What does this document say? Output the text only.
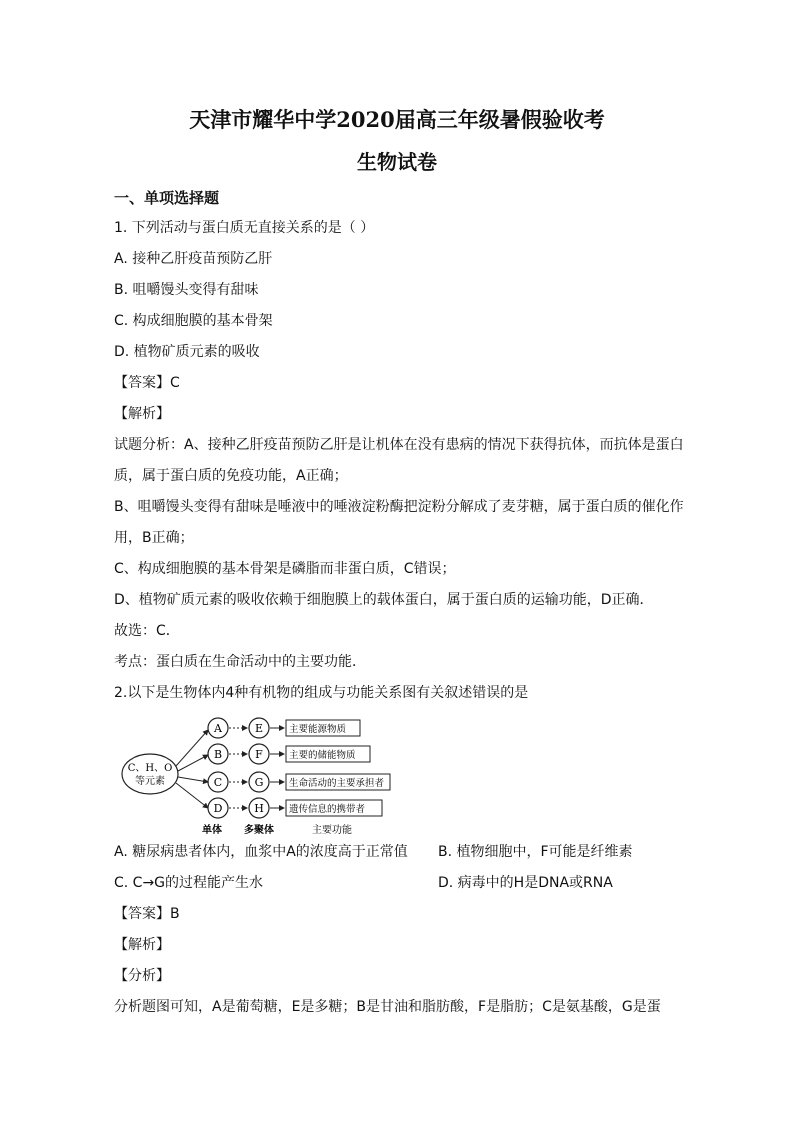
天津市耀华中学2020届高三年级暑假验收考
生物试卷
一、单项选择题
1. 下列活动与蛋白质无直接关系的是（ ）
A. 接种乙肝疫苗预防乙肝
B. 咀嚼馒头变得有甜味
C. 构成细胞膜的基本骨架
D. 植物矿质元素的吸收
【答案】C
【解析】
试题分析：A、接种乙肝疫苗预防乙肝是让机体在没有患病的情况下获得抗体，而抗体是蛋白
质，属于蛋白质的免疫功能，A正确；
B、咀嚼馒头变得有甜味是唾液中的唾液淀粉酶把淀粉分解成了麦芽糖，属于蛋白质的催化作
用，B正确；
C、构成细胞膜的基本骨架是磷脂而非蛋白质，C错误；
D、植物矿质元素的吸收依赖于细胞膜上的载体蛋白，属于蛋白质的运输功能，D正确．
故选：C．
考点：蛋白质在生命活动中的主要功能．
2.以下是生物体内4种有机物的组成与功能关系图有关叙述错误的是
C、H、O
等元素
A	E	主要能源物质
B	F	主要的储能物质
C	G	生命活动的主要承担者
D	H	遗传信息的携带者
单体 多聚体	主要功能
A. 糖尿病患者体内，血浆中A的浓度高于正常值 B. 植物细胞中，F可能是纤维素
C. C→G的过程能产生水	D. 病毒中的H是DNA或RNA
【答案】B
【解析】
【分析】
分析题图可知，A是葡萄糖，E是多糖；B是甘油和脂肪酸，F是脂肪；C是氨基酸，G是蛋
